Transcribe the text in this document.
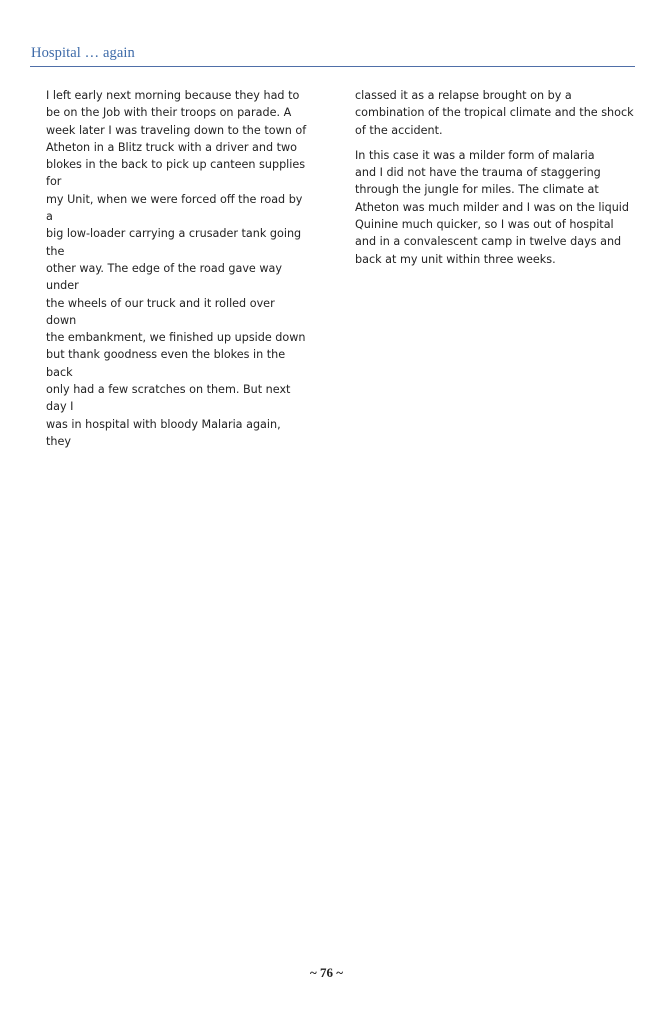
Hospital … again

I left early next morning because they had to
be on the Job with their troops on parade. A
week later I was traveling down to the town of
Atheton in a Blitz truck with a driver and two
blokes in the back to pick up canteen supplies for
my Unit, when we were forced off the road by a
big low-loader carrying a crusader tank going the
other way. The edge of the road gave way under
the wheels of our truck and it rolled over down
the embankment, we finished up upside down
but thank goodness even the blokes in the back
only had a few scratches on them. But next day I
was in hospital with bloody Malaria again, they

classed it as a relapse brought on by a
combination of the tropical climate and the shock
of the accident.

In this case it was a milder form of malaria
and I did not have the trauma of staggering
through the jungle for miles. The climate at
Atheton was much milder and I was on the liquid
Quinine much quicker, so I was out of hospital
and in a convalescent camp in twelve days and
back at my unit within three weeks.

~ 76 ~
